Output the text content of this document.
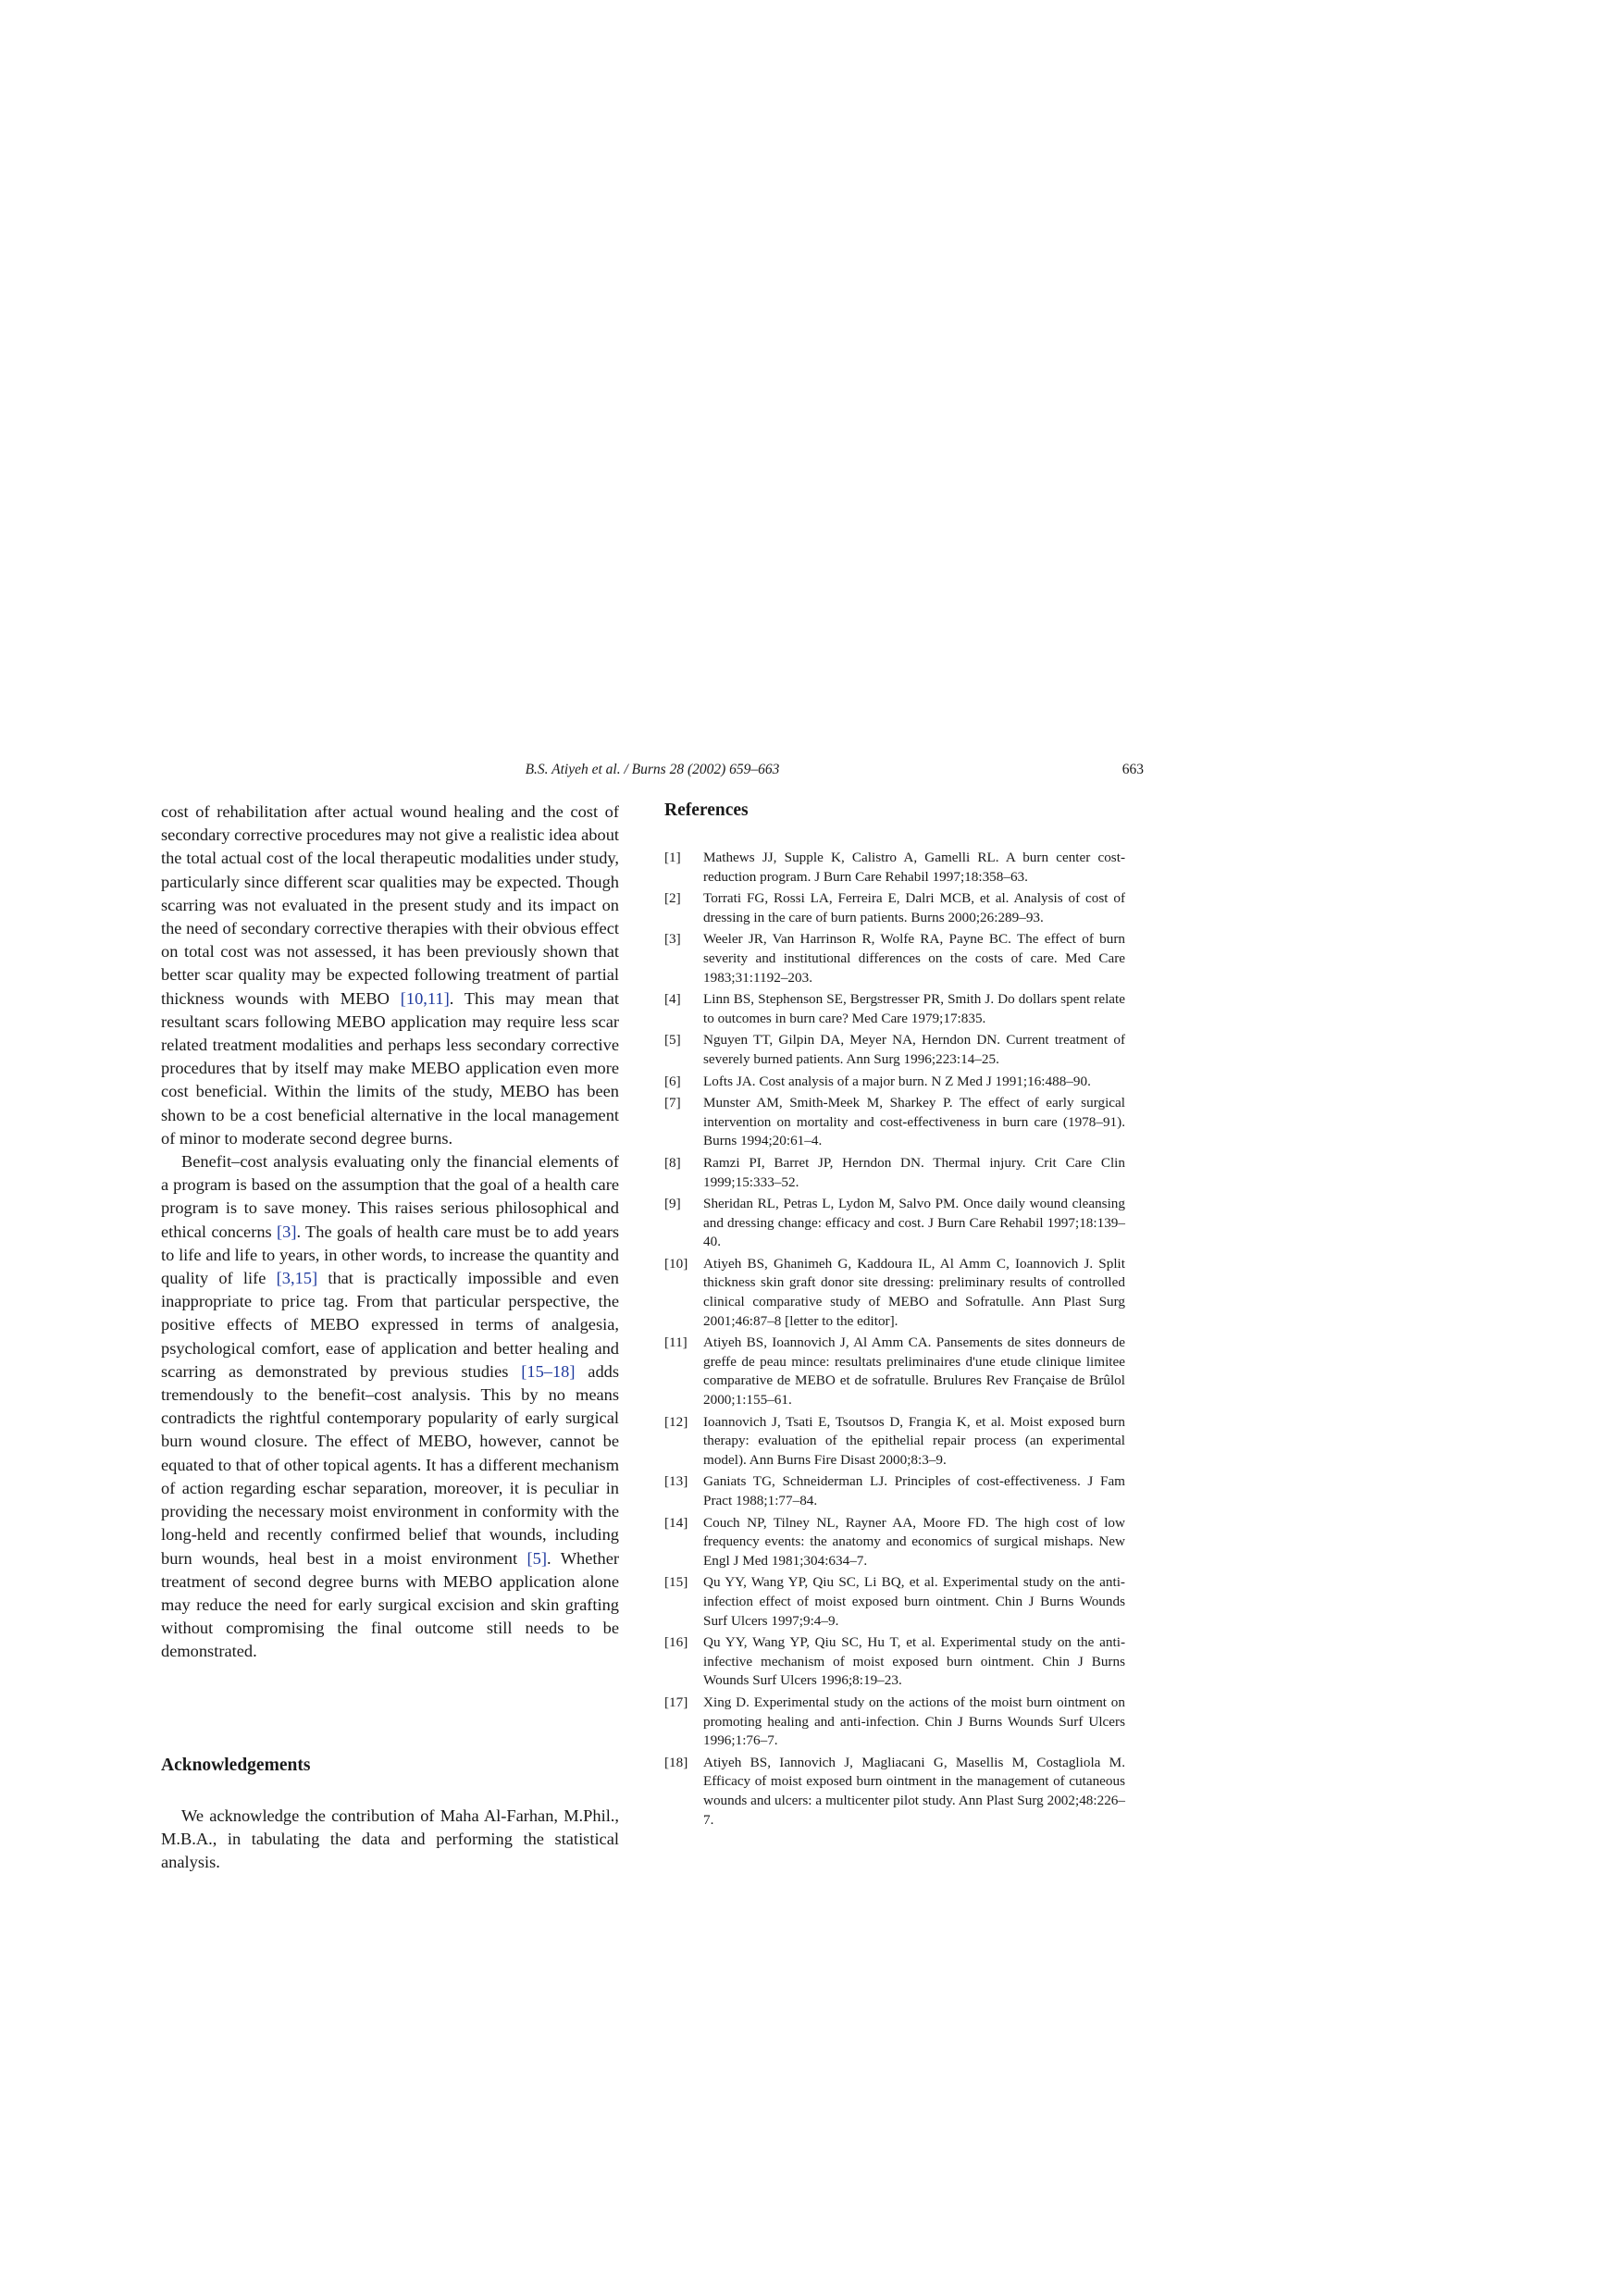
B.S. Atiyeh et al. / Burns 28 (2002) 659–663	663

cost of rehabilitation after actual wound healing and the cost of secondary corrective procedures may not give a realistic idea about the total actual cost of the local therapeutic modalities under study, particularly since different scar qualities may be expected. Though scarring was not evaluated in the present study and its impact on the need of secondary corrective therapies with their obvious effect on total cost was not assessed, it has been previously shown that better scar quality may be expected following treatment of partial thickness wounds with MEBO [10,11]. This may mean that resultant scars following MEBO application may require less scar related treatment modalities and perhaps less secondary corrective procedures that by itself may make MEBO application even more cost beneficial. Within the limits of the study, MEBO has been shown to be a cost beneficial alternative in the local management of minor to moderate second degree burns.

Benefit–cost analysis evaluating only the financial elements of a program is based on the assumption that the goal of a health care program is to save money. This raises serious philosophical and ethical concerns [3]. The goals of health care must be to add years to life and life to years, in other words, to increase the quantity and quality of life [3,15] that is practically impossible and even inappropriate to price tag. From that particular perspective, the positive effects of MEBO expressed in terms of analgesia, psychological comfort, ease of application and better healing and scarring as demonstrated by previous studies [15–18] adds tremendously to the benefit–cost analysis. This by no means contradicts the rightful contemporary popularity of early surgical burn wound closure. The effect of MEBO, however, cannot be equated to that of other topical agents. It has a different mechanism of action regarding eschar separation, moreover, it is peculiar in providing the necessary moist environment in conformity with the long-held and recently confirmed belief that wounds, including burn wounds, heal best in a moist environment [5]. Whether treatment of second degree burns with MEBO application alone may reduce the need for early surgical excision and skin grafting without compromising the final outcome still needs to be demonstrated.

Acknowledgements
We acknowledge the contribution of Maha Al-Farhan, M.Phil., M.B.A., in tabulating the data and performing the statistical analysis.
References
[1]	Mathews JJ, Supple K, Calistro A, Gamelli RL. A burn center cost-reduction program. J Burn Care Rehabil 1997;18:358–63.
[2]	Torrati FG, Rossi LA, Ferreira E, Dalri MCB, et al. Analysis of cost of dressing in the care of burn patients. Burns 2000;26:289–93.
[3]	Weeler JR, Van Harrinson R, Wolfe RA, Payne BC. The effect of burn severity and institutional differences on the costs of care. Med Care 1983;31:1192–203.
[4]	Linn BS, Stephenson SE, Bergstresser PR, Smith J. Do dollars spent relate to outcomes in burn care? Med Care 1979;17:835.
[5]	Nguyen TT, Gilpin DA, Meyer NA, Herndon DN. Current treatment of severely burned patients. Ann Surg 1996;223:14–25.
[6]	Lofts JA. Cost analysis of a major burn. N Z Med J 1991;16:488–90.
[7]	Munster AM, Smith-Meek M, Sharkey P. The effect of early surgical intervention on mortality and cost-effectiveness in burn care (1978–91). Burns 1994;20:61–4.
[8]	Ramzi PI, Barret JP, Herndon DN. Thermal injury. Crit Care Clin 1999;15:333–52.
[9]	Sheridan RL, Petras L, Lydon M, Salvo PM. Once daily wound cleansing and dressing change: efficacy and cost. J Burn Care Rehabil 1997;18:139–40.
[10]	Atiyeh BS, Ghanimeh G, Kaddoura IL, Al Amm C, Ioannovich J. Split thickness skin graft donor site dressing: preliminary results of controlled clinical comparative study of MEBO and Sofratulle. Ann Plast Surg 2001;46:87–8 [letter to the editor].
[11]	Atiyeh BS, Ioannovich J, Al Amm CA. Pansements de sites donneurs de greffe de peau mince: resultats preliminaires d'une etude clinique limitee comparative de MEBO et de sofratulle. Brulures Rev Française de Brûlol 2000;1:155–61.
[12]	Ioannovich J, Tsati E, Tsoutsos D, Frangia K, et al. Moist exposed burn therapy: evaluation of the epithelial repair process (an experimental model). Ann Burns Fire Disast 2000;8:3–9.
[13]	Ganiats TG, Schneiderman LJ. Principles of cost-effectiveness. J Fam Pract 1988;1:77–84.
[14]	Couch NP, Tilney NL, Rayner AA, Moore FD. The high cost of low frequency events: the anatomy and economics of surgical mishaps. New Engl J Med 1981;304:634–7.
[15]	Qu YY, Wang YP, Qiu SC, Li BQ, et al. Experimental study on the anti-infection effect of moist exposed burn ointment. Chin J Burns Wounds Surf Ulcers 1997;9:4–9.
[16]	Qu YY, Wang YP, Qiu SC, Hu T, et al. Experimental study on the anti-infective mechanism of moist exposed burn ointment. Chin J Burns Wounds Surf Ulcers 1996;8:19–23.
[17]	Xing D. Experimental study on the actions of the moist burn ointment on promoting healing and anti-infection. Chin J Burns Wounds Surf Ulcers 1996;1:76–7.
[18]	Atiyeh BS, Iannovich J, Magliacani G, Masellis M, Costagliola M. Efficacy of moist exposed burn ointment in the management of cutaneous wounds and ulcers: a multicenter pilot study. Ann Plast Surg 2002;48:226–7.
